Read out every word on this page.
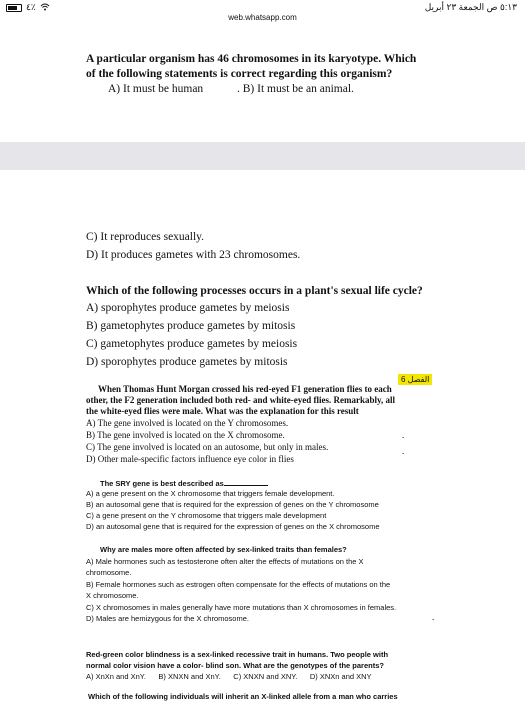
٤٪	٥:١٣ ص الجمعة ٢٣ أبريل
web.whatsapp.com
A particular organism has 46 chromosomes in its karyotype. Which
of the following statements is correct regarding this organism?
A) It must be human	. B) It must be an animal.
C) It reproduces sexually.
D) It produces gametes with 23 chromosomes.
Which of the following processes occurs in a plant's sexual life cycle?
A) sporophytes produce gametes by meiosis
B) gametophytes produce gametes by mitosis
C) gametophytes produce gametes by meiosis
D) sporophytes produce gametes by mitosis
الفصل 6
When Thomas Hunt Morgan crossed his red-eyed F1 generation flies to each
other, the F2 generation included both red- and white-eyed flies. Remarkably, all
the white-eyed flies were male. What was the explanation for this result
A) The gene involved is located on the Y chromosomes.
B) The gene involved is located on the X chromosome.
C) The gene involved is located on an autosome, but only in males.
D) Other male-specific factors influence eye color in flies
.
.
The SRY gene is best described as
A) a gene present on the X chromosome that triggers female development.
B) an autosomal gene that is required for the expression of genes on the Y chromosome
C) a gene present on the Y chromosome that triggers male development
D) an autosomal gene that is required for the expression of genes on the X chromosome
Why are males more often affected by sex-linked traits than females?
A) Male hormones such as testosterone often alter the effects of mutations on the X
chromosome.
B) Female hormones such as estrogen often compensate for the effects of mutations on the
X chromosome.
C) X chromosomes in males generally have more mutations than X chromosomes in females.
D) Males are hemizygous for the X chromosome.	.
Red-green color blindness is a sex-linked recessive trait in humans. Two people with
normal color vision have a color- blind son. What are the genotypes of the parents?
A) XnXn and XnY.      B) XNXN and XnY.      C) XNXN and XNY.      D) XNXn and XNY
Which of the following individuals will inherit an X-linked allele from a man who carries
